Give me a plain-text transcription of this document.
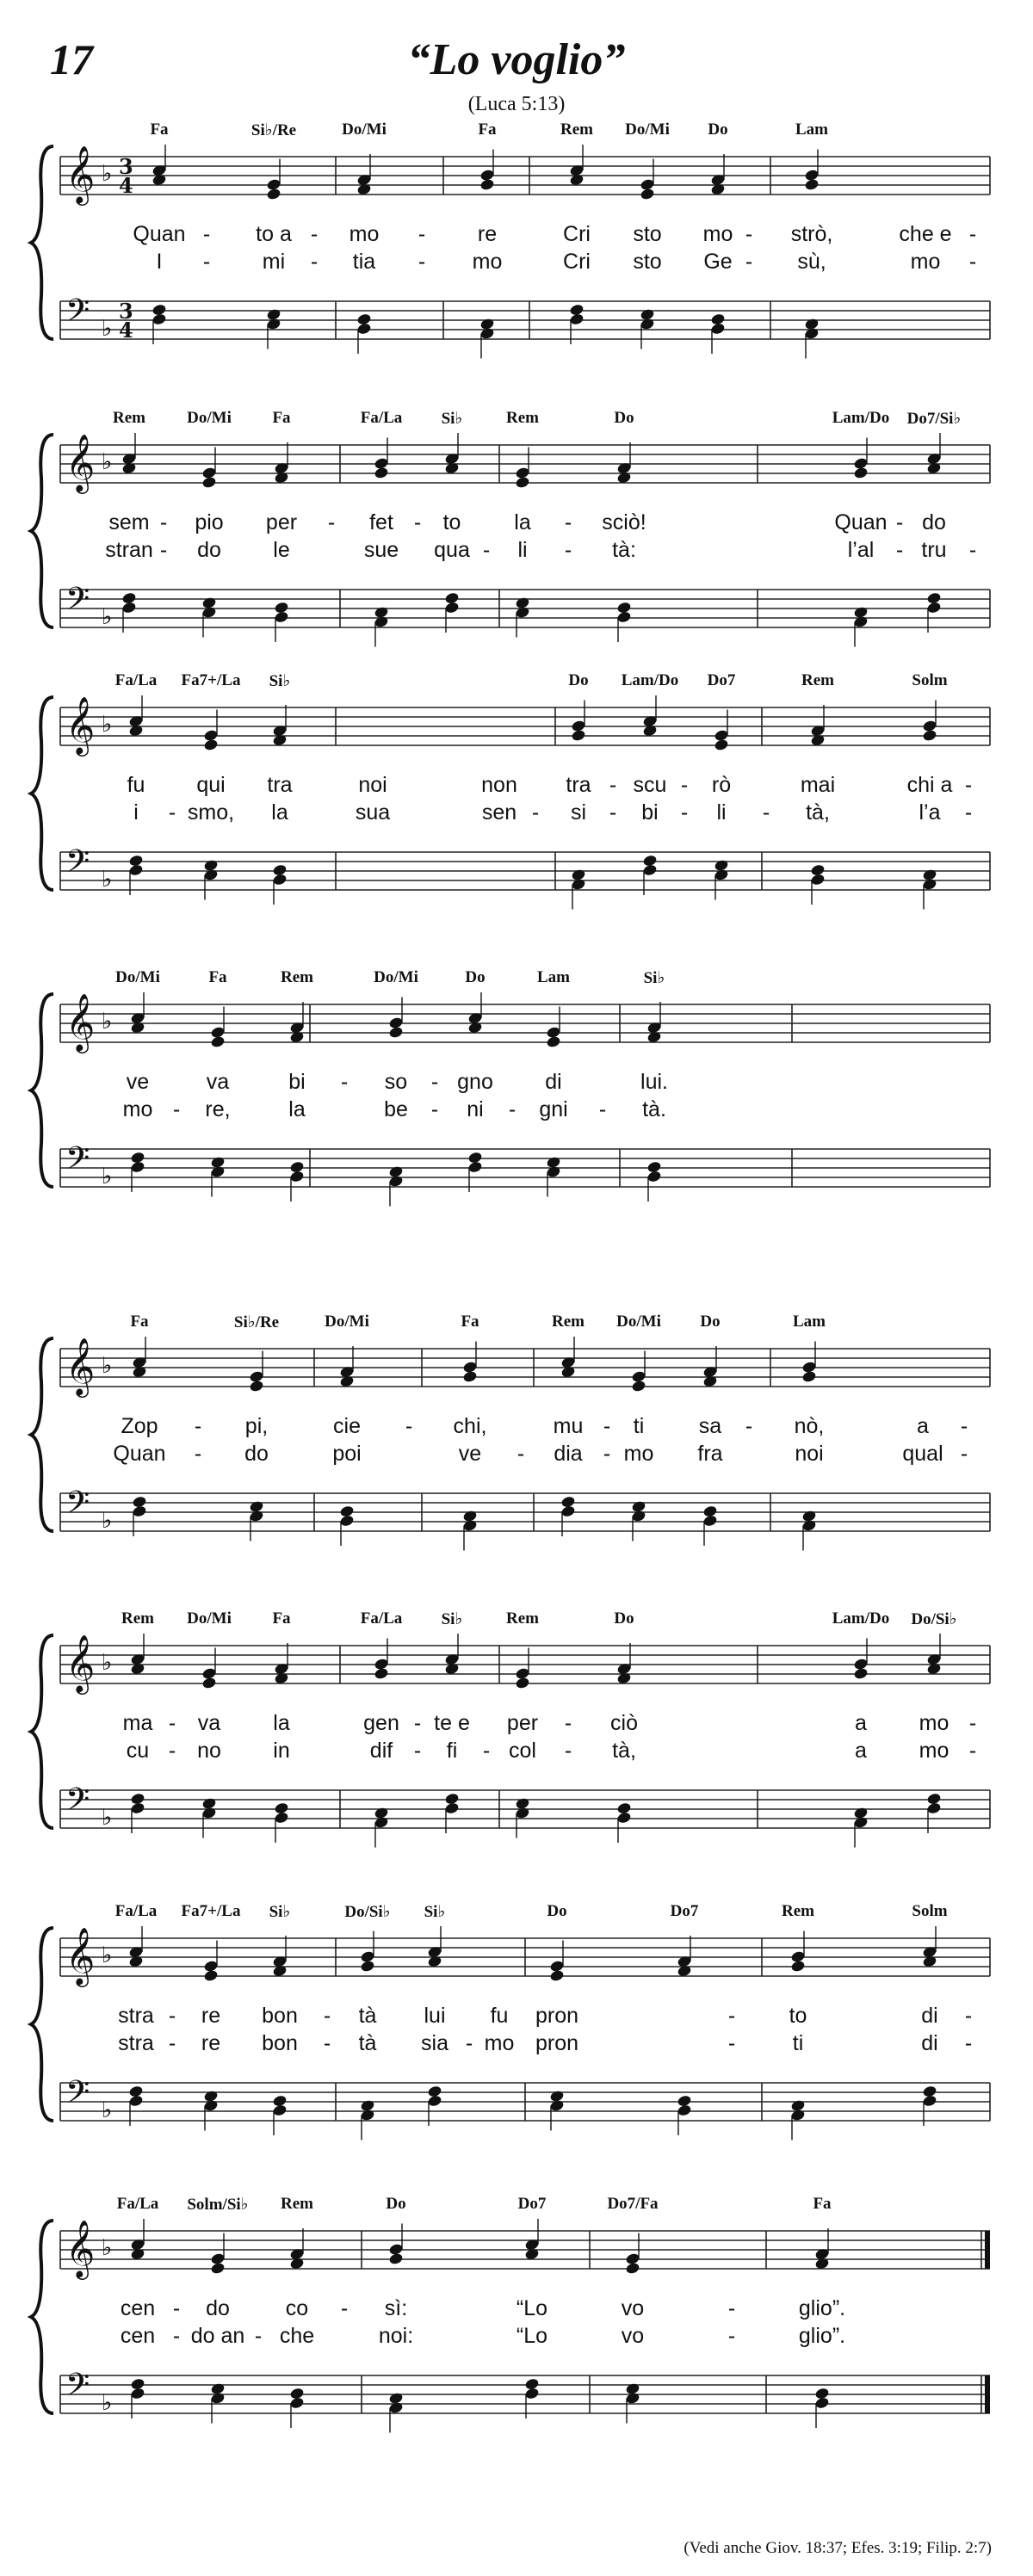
17	“Lo voglio”
(Luca 5:13)
Fa	Si♭/Re	Do/Mi	Fa	Rem Do/Mi Do	Lam
𝄞 ♭ 3
4
𝄢 ♭
3
4
Quan - to a - mo - re	Cri sto mo - strò,	che e -
I - mi - tia - mo	Cri sto Ge - sù,	mo -
Rem	Do/Mi	Fa	Fa/La Si♭	Rem	Do	Lam/Do Do7/Si♭
𝄞 ♭
𝄢 ♭
sem - pio per - fet - to la - sciò!	Quan - do
stran - do le	sue qua - li - tà:	l’al - tru -
Fa/La Fa7+/La Si♭	Do Lam/Do Do7	Rem	Solm
𝄞 ♭
𝄢 ♭
fu qui tra	noi	non tra - scu - rò	mai	chi a -
i - smo, la	sua	sen - si - bi - li - tà,	l’a -
Do/Mi	Fa	Rem	Do/Mi	Do	Lam	Si♭
𝄞 ♭
𝄢 ♭
ve	va	bi - so - gno di	lui.
mo - re,	la	be - ni - gni - tà.
Fa	Si♭/Re	Do/Mi	Fa	Rem Do/Mi Do	Lam
𝄞 ♭
𝄢 ♭
Zop - pi,	cie - chi,	mu - ti	sa - nò,	a -
Quan - do	poi	ve - dia - mo fra	noi	qual -
Rem Do/Mi	Fa	Fa/La Si♭	Rem	Do	Lam/Do Do/Si♭
𝄞 ♭
𝄢 ♭
ma - va la	gen - te e per - ciò	a mo -
cu - no in	dif - fi - col - tà,	a mo -
Fa/La Fa7+/La Si♭	Do/Si♭ Si♭	Do	Do7	Rem	Solm
𝄞 ♭
𝄢 ♭
stra - re bon - tà lui fu pron	- to	di -
stra - re bon - tà sia - mo pron	-	ti	di -
Fa/La Solm/Si♭ Rem	Do	Do7	Do7/Fa	Fa
𝄞 ♭
𝄢 ♭
cen - do	co - sì:	“Lo	vo	-	glio”.
cen - do an - che	noi:	“Lo	vo	-	glio”.
(Vedi anche Giov. 18:37; Efes. 3:19; Filip. 2:7)
